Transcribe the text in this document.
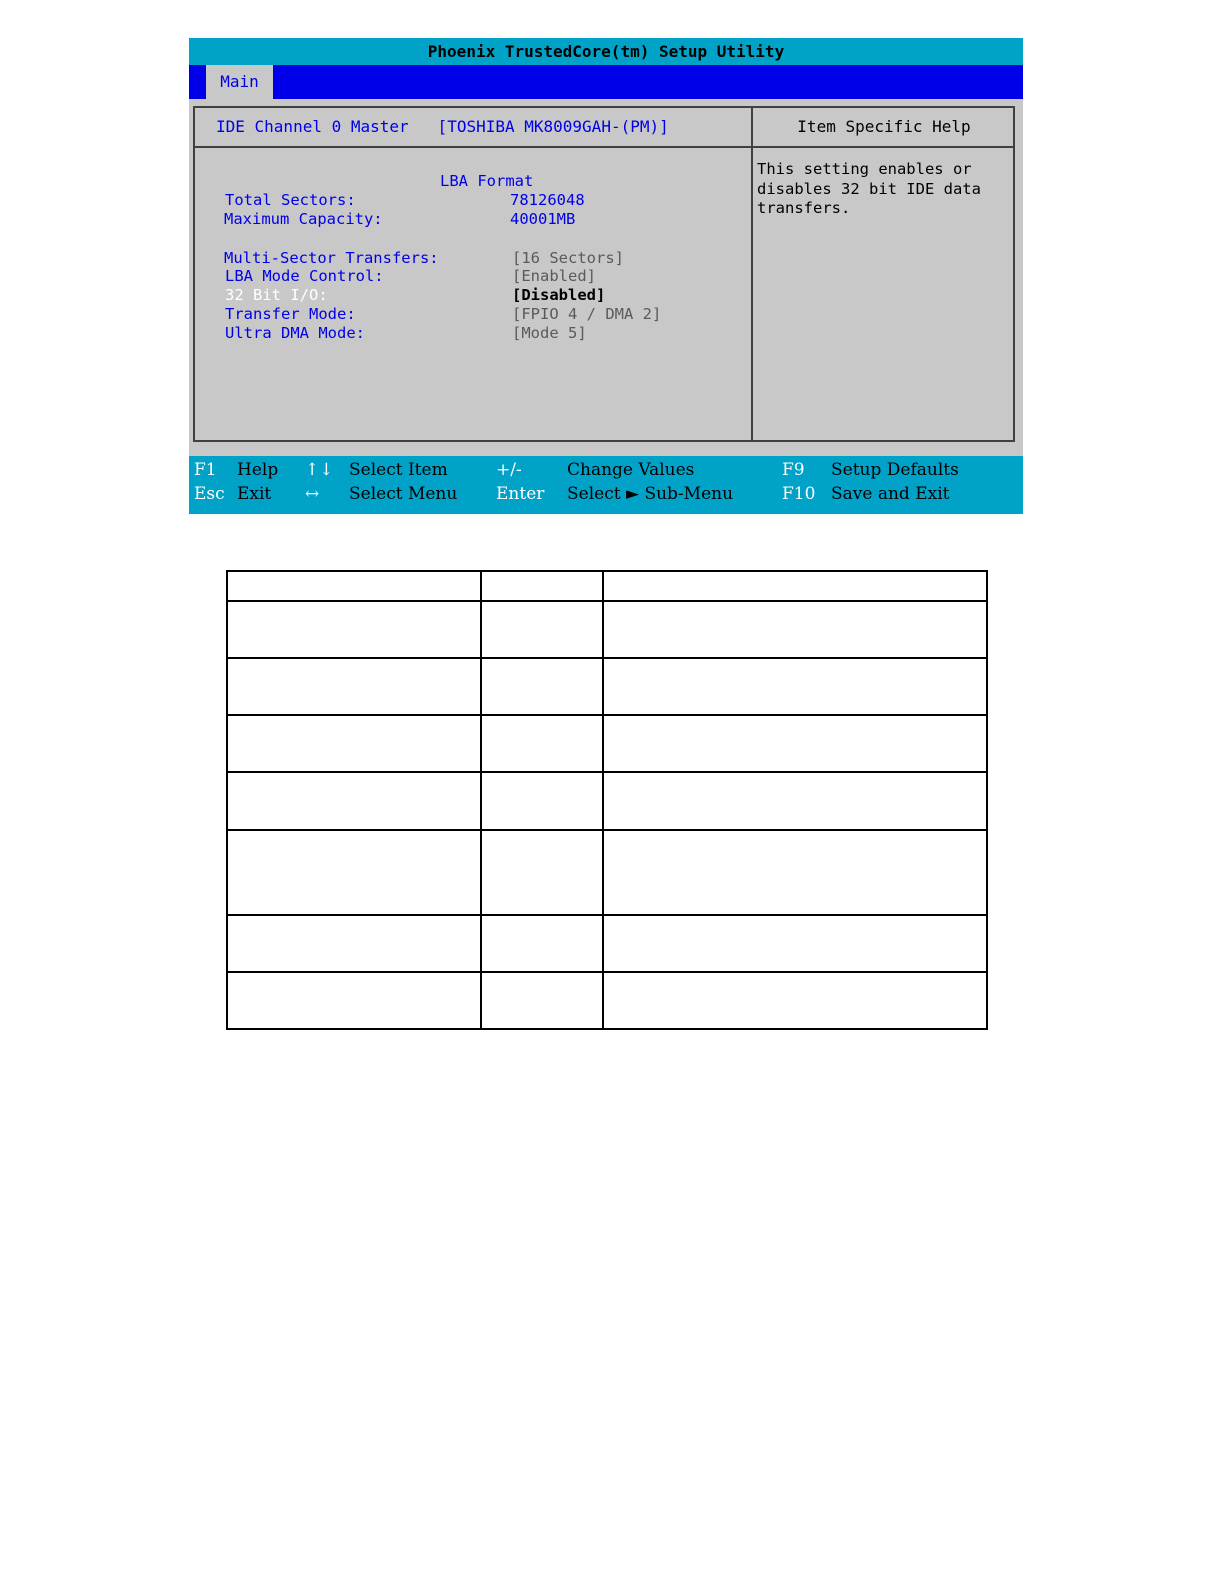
Phoenix TrustedCore(tm) Setup Utility
Main
IDE Channel 0 Master   [TOSHIBA MK8009GAH-(PM)]	Item Specific Help
LBA Format
Total Sectors:	78126048
Maximum Capacity:	40001MB
Multi-Sector Transfers:	[16 Sectors]
LBA Mode Control:	[Enabled]
32 Bit I/O:	[Disabled]
Transfer Mode:	[FPIO 4 / DMA 2]
Ultra DMA Mode:	[Mode 5]
This setting enables or disables 32 bit IDE data transfers.
F1 Help ↑↓ Select Item	+/-	Change Values	F9 Setup Defaults
Esc Exit ↔ Select Menu Enter Select ► Sub-Menu	F10 Save and Exit
